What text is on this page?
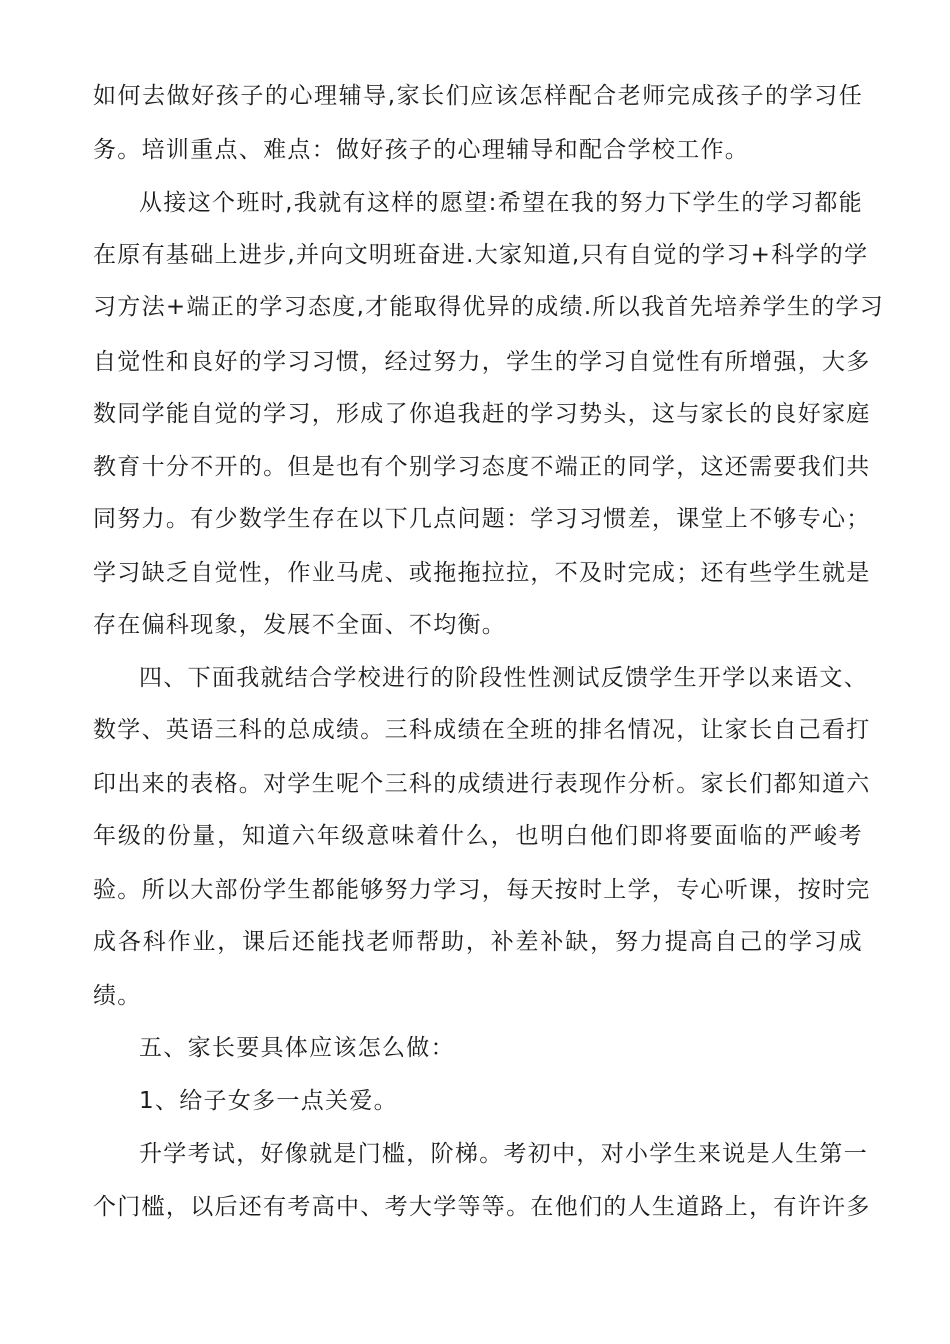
如何去做好孩子的心理辅导,家长们应该怎样配合老师完成孩子的学习任
务。培训重点、难点：做好孩子的心理辅导和配合学校工作。
从接这个班时,我就有这样的愿望:希望在我的努力下学生的学习都能
在原有基础上进步,并向文明班奋进.大家知道,只有自觉的学习+科学的学
习方法+端正的学习态度,才能取得优异的成绩.所以我首先培养学生的学习
自觉性和良好的学习习惯，经过努力，学生的学习自觉性有所增强，大多
数同学能自觉的学习，形成了你追我赶的学习势头，这与家长的良好家庭
教育十分不开的。但是也有个别学习态度不端正的同学，这还需要我们共
同努力。有少数学生存在以下几点问题：学习习惯差，课堂上不够专心；
学习缺乏自觉性，作业马虎、或拖拖拉拉，不及时完成；还有些学生就是
存在偏科现象，发展不全面、不均衡。
四、下面我就结合学校进行的阶段性性测试反馈学生开学以来语文、
数学、英语三科的总成绩。三科成绩在全班的排名情况，让家长自己看打
印出来的表格。对学生呢个三科的成绩进行表现作分析。家长们都知道六
年级的份量，知道六年级意味着什么，也明白他们即将要面临的严峻考
验。所以大部份学生都能够努力学习，每天按时上学，专心听课，按时完
成各科作业，课后还能找老师帮助，补差补缺，努力提高自己的学习成
绩。
五、家长要具体应该怎么做：
1、给子女多一点关爱。
升学考试，好像就是门槛，阶梯。考初中，对小学生来说是人生第一
个门槛，以后还有考高中、考大学等等。在他们的人生道路上，有许许多
